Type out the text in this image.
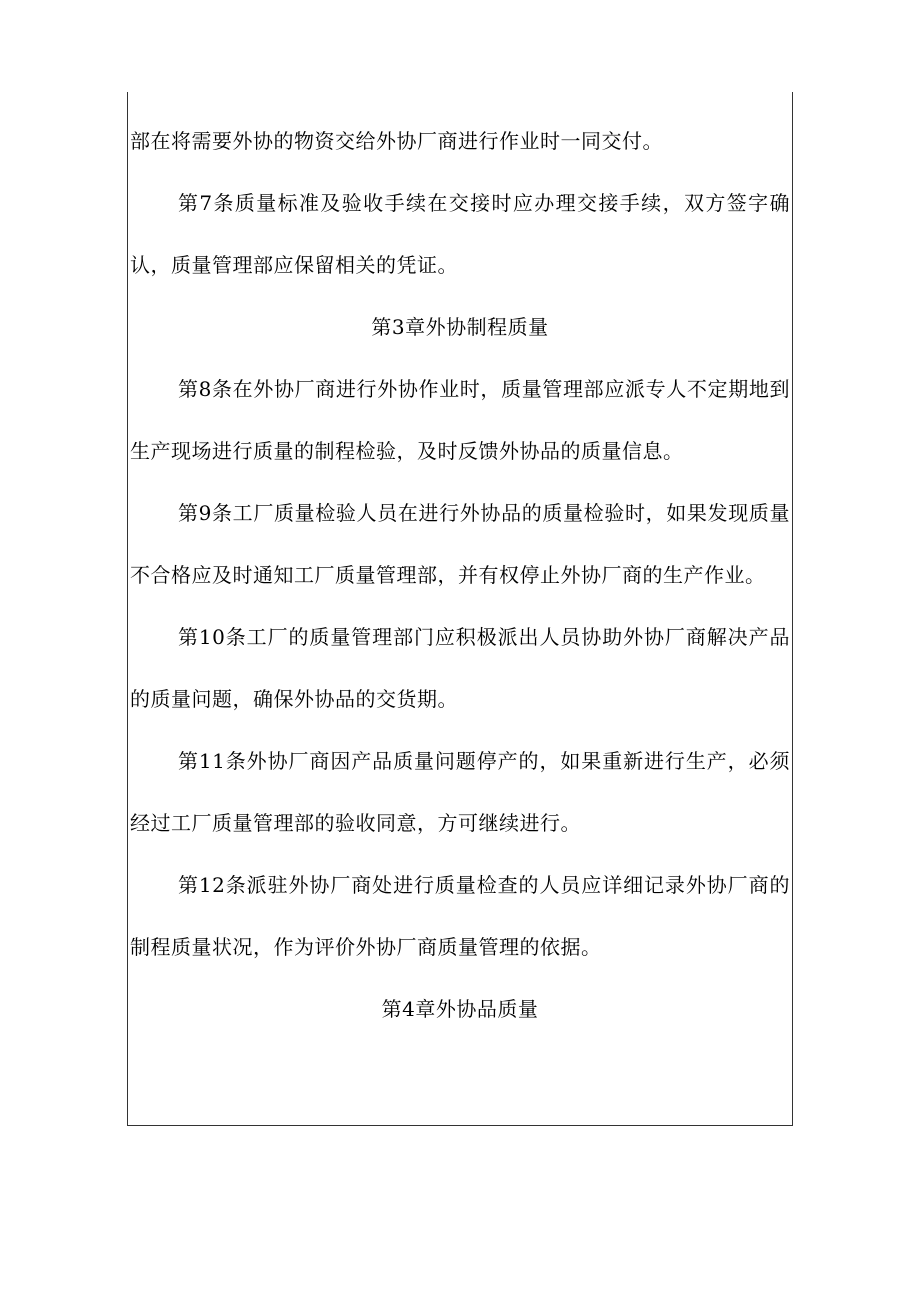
部在将需要外协的物资交给外协厂商进行作业时一同交付。

第7条质量标准及验收手续在交接时应办理交接手续，双方签字确认，质量管理部应保留相关的凭证。

第3章外协制程质量

第8条在外协厂商进行外协作业时，质量管理部应派专人不定期地到生产现场进行质量的制程检验，及时反馈外协品的质量信息。

第9条工厂质量检验人员在进行外协品的质量检验时，如果发现质量不合格应及时通知工厂质量管理部，并有权停止外协厂商的生产作业。

第10条工厂的质量管理部门应积极派出人员协助外协厂商解决产品的质量问题，确保外协品的交货期。

第11条外协厂商因产品质量问题停产的，如果重新进行生产，必须经过工厂质量管理部的验收同意，方可继续进行。

第12条派驻外协厂商处进行质量检查的人员应详细记录外协厂商的制程质量状况，作为评价外协厂商质量管理的依据。

第4章外协品质量
